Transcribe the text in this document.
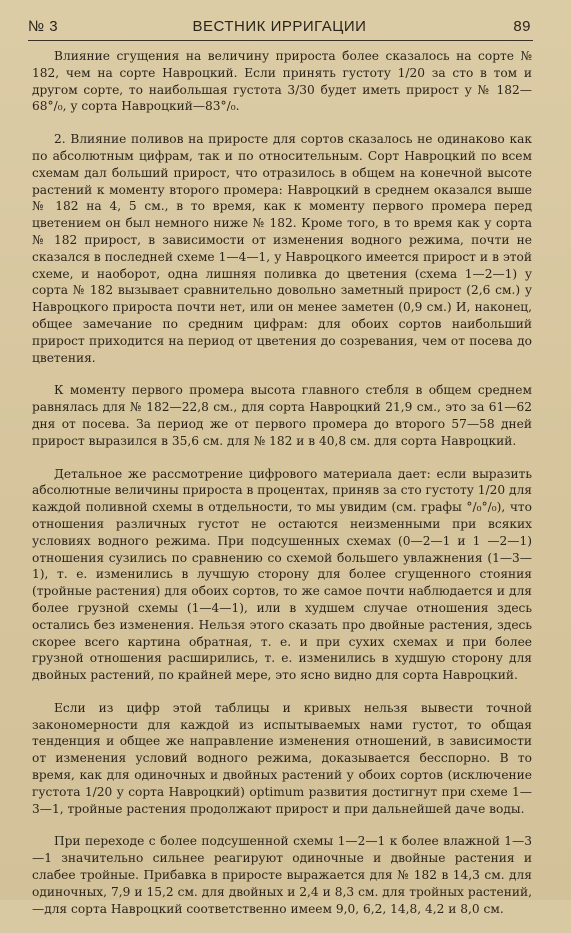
№ 3	ВЕСТНИК ИРРИГАЦИИ	89

Влияние сгущения на величину прироста более сказалось на сорте № 182, чем на сорте Навроцкий. Если принять густоту 1/20 за сто в том и другом сорте, то наибольшая густота 3/30 будет иметь прирост у № 182—68°/₀, у сорта Навроцкий—83°/₀.

2. Влияние поливов на приросте для сортов сказалось не одинаково как по абсолютным цифрам, так и по относительным. Сорт Навроцкий по всем схемам дал больший прирост, что отразилось в общем на конечной высоте растений к моменту второго промера: Навроцкий в среднем оказался выше № 182 на 4, 5 см., в то время, как к моменту первого промера перед цветением он был немного ниже № 182. Кроме того, в то время как у сорта № 182 прирост, в зависимости от изменения водного режима, почти не сказался в последней схеме 1—4—1, у Навроцкого имеется прирост и в этой схеме, и наоборот, одна лишняя поливка до цветения (схема 1—2—1) у сорта № 182 вызывает сравнительно довольно заметный прирост (2,6 см.) у Навроцкого прироста почти нет, или он менее заметен (0,9 см.) И, наконец, общее замечание по средним цифрам: для обоих сортов наибольший прирост приходится на период от цветения до созревания, чем от посева до цветения.

К моменту первого промера высота главного стебля в общем среднем равнялась для № 182—22,8 см., для сорта Навроцкий 21,9 см., это за 61—62 дня от посева. За период же от первого промера до второго 57—58 дней прирост выразился в 35,6 см. для № 182 и в 40,8 см. для сорта Навроцкий.

Детальное же рассмотрение цифрового материала дает: если выразить абсолютные величины прироста в процентах, приняв за сто густоту 1/20 для каждой поливной схемы в отдельности, то мы увидим (см. графы °/₀°/₀), что отношения различных густот не остаются неизменными при всяких условиях водного режима. При подсушенных схемах (0—2—1 и 1 —2—1) отношения сузились по сравнению со схемой большего увлажнения (1—3—1), т. е. изменились в лучшую сторону для более сгущенного стояния (тройные растения) для обоих сортов, то же самое почти наблюдается и для более грузной схемы (1—4—1), или в худшем случае отношения здесь остались без изменения. Нельзя этого сказать про двойные растения, здесь скорее всего картина обратная, т. е. и при сухих схемах и при более грузной отношения расширились, т. е. изменились в худшую сторону для двойных растений, по крайней мере, это ясно видно для сорта Навроцкий.

Если из цифр этой таблицы и кривых нельзя вывести точной закономерности для каждой из испытываемых нами густот, то общая тенденция и общее же направление изменения отношений, в зависимости от изменения условий водного режима, доказывается бесспорно. В то время, как для одиночных и двойных растений у обоих сортов (исключение густота 1/20 у сорта Навроцкий) optimum развития достигнут при схеме 1—3—1, тройные растения продолжают прирост и при дальнейшей даче воды.

При переходе с более подсушенной схемы 1—2—1 к более влажной 1—3—1 значительно сильнее реагируют одиночные и двойные растения и слабее тройные. Прибавка в приросте выражается для № 182 в 14,3 см. для одиночных, 7,9 и 15,2 см. для двойных и 2,4 и 8,3 см. для тройных растений,—для сорта Навроцкий соответственно имеем 9,0, 6,2, 14,8, 4,2 и 8,0 см.
